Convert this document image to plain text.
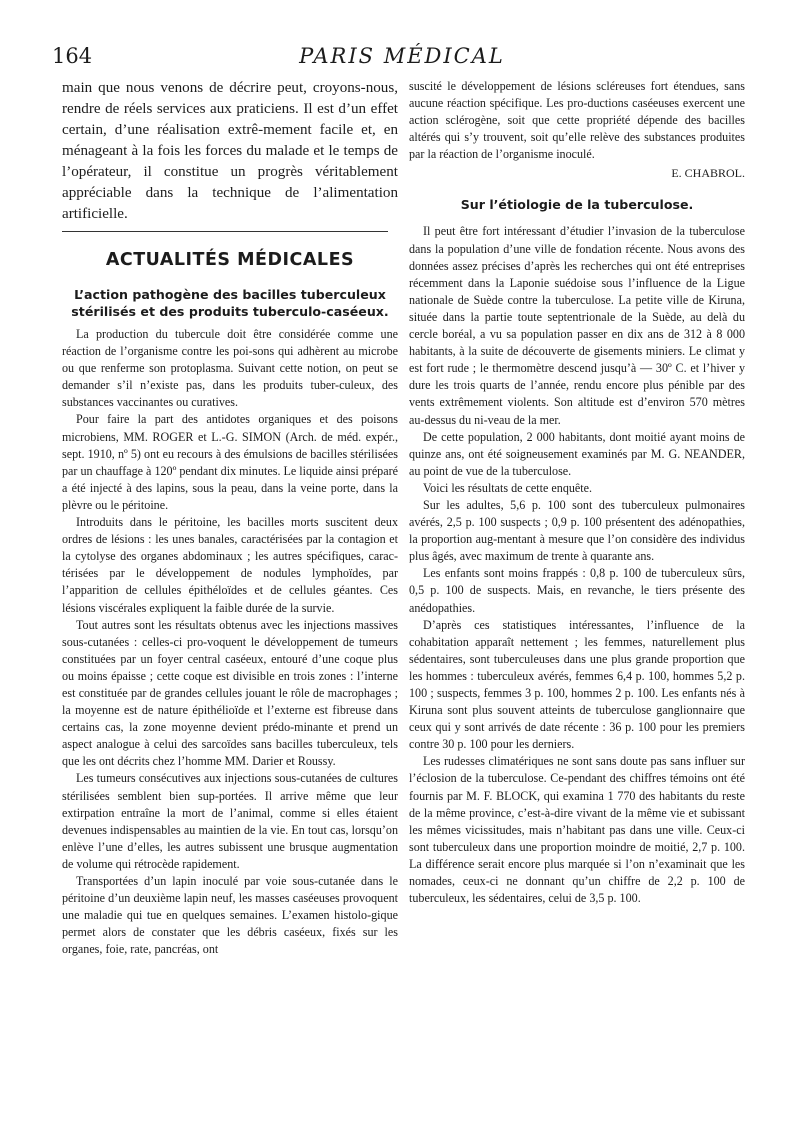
164	PARIS MÉDICAL

main que nous venons de décrire peut, croyons-nous, rendre de réels services aux praticiens. Il est d’un effet certain, d’une réalisation extrê-mement facile et, en ménageant à la fois les forces du malade et le temps de l’opérateur, il constitue un progrès véritablement appréciable dans la technique de l’alimentation artificielle.

ACTUALITÉS MÉDICALES
L’action pathogène des bacilles tuberculeux stérilisés et des produits tuberculo-caséeux.

La production du tubercule doit être considérée comme une réaction de l’organisme contre les poi-sons qui adhèrent au microbe ou que renferme son protoplasma. Suivant cette notion, on peut se demander s’il n’existe pas, dans les produits tuber-culeux, des substances vaccinantes ou curatives.

Pour faire la part des antidotes organiques et des poisons microbiens, MM. ROGER et L.-G. SIMON (Arch. de méd. expér., sept. 1910, nº 5) ont eu recours à des émulsions de bacilles stérilisées par un chauffage à 120º pendant dix minutes. Le liquide ainsi préparé a été injecté à des lapins, sous la peau, dans la veine porte, dans la plèvre ou le péritoine.

Introduits dans le péritoine, les bacilles morts suscitent deux ordres de lésions : les unes banales, caractérisées par la contagion et la cytolyse des organes abdominaux ; les autres spécifiques, carac-térisées par le développement de nodules lymphoïdes, par l’apparition de cellules épithéloïdes et de cellules géantes. Ces lésions viscérales expliquent la faible durée de la survie.

Tout autres sont les résultats obtenus avec les injections massives sous-cutanées : celles-ci pro-voquent le développement de tumeurs constituées par un foyer central caséeux, entouré d’une coque plus ou moins épaisse ; cette coque est divisible en trois zones : l’interne est constituée par de grandes cellules jouant le rôle de macrophages ; la moyenne est de nature épithélioïde et l’externe est fibreuse dans certains cas, la zone moyenne devient prédo-minante et prend un aspect analogue à celui des sarcoïdes sans bacilles tuberculeux, tels que les ont décrits chez l’homme MM. Darier et Roussy.

Les tumeurs consécutives aux injections sous-cutanées de cultures stérilisées semblent bien sup-portées. Il arrive même que leur extirpation entraîne la mort de l’animal, comme si elles étaient devenues indispensables au maintien de la vie. En tout cas, lorsqu’on enlève l’une d’elles, les autres subissent une brusque augmentation de volume qui rétrocède rapidement.

Transportées d’un lapin inoculé par voie sous-cutanée dans le péritoine d’un deuxième lapin neuf, les masses caséeuses provoquent une maladie qui tue en quelques semaines. L’examen histolo-gique permet alors de constater que les débris caséeux, fixés sur les organes, foie, rate, pancréas, ont

suscité le développement de lésions scléreuses fort étendues, sans aucune réaction spécifique. Les pro-ductions caséeuses exercent une action sclérogène, soit que cette propriété dépende des bacilles altérés qui s’y trouvent, soit qu’elle relève des substances produites par la réaction de l’organisme inoculé.

E. CHABROL.
Sur l’étiologie de la tuberculose.

Il peut être fort intéressant d’étudier l’invasion de la tuberculose dans la population d’une ville de fondation récente. Nous avons des données assez précises d’après les recherches qui ont été entreprises récemment dans la Laponie suédoise sous l’influence de la Ligue nationale de Suède contre la tuberculose. La petite ville de Kiruna, située dans la partie toute septentrionale de la Suède, au delà du cercle boréal, a vu sa population passer en dix ans de 312 à 8 000 habitants, à la suite de découverte de gisements miniers. Le climat y est fort rude ; le thermomètre descend jusqu’à — 30º C. et l’hiver y dure les trois quarts de l’année, rendu encore plus pénible par des vents extrêmement violents. Son altitude est d’environ 570 mètres au-dessus du ni-veau de la mer.

De cette population, 2 000 habitants, dont moitié ayant moins de quinze ans, ont été soigneusement examinés par M. G. NEANDER, au point de vue de la tuberculose.

Voici les résultats de cette enquête.

Sur les adultes, 5,6 p. 100 sont des tuberculeux pulmonaires avérés, 2,5 p. 100 suspects ; 0,9 p. 100 présentent des adénopathies, la proportion aug-mentant à mesure que l’on considère des individus plus âgés, avec maximum de trente à quarante ans.

Les enfants sont moins frappés : 0,8 p. 100 de tuberculeux sûrs, 0,5 p. 100 de suspects. Mais, en revanche, le tiers présente des anédopathies.

D’après ces statistiques intéressantes, l’influence de la cohabitation apparaît nettement ; les femmes, naturellement plus sédentaires, sont tuberculeuses dans une plus grande proportion que les hommes : tuberculeux avérés, femmes 6,4 p. 100, hommes 5,2 p. 100 ; suspects, femmes 3 p. 100, hommes 2 p. 100. Les enfants nés à Kiruna sont plus souvent atteints de tuberculose ganglionnaire que ceux qui y sont arrivés de date récente : 36 p. 100 pour les premiers contre 30 p. 100 pour les derniers.

Les rudesses climatériques ne sont sans doute pas sans influer sur l’éclosion de la tuberculose. Ce-pendant des chiffres témoins ont été fournis par M. F. BLOCK, qui examina 1 770 des habitants du reste de la même province, c’est-à-dire vivant de la même vie et subissant les mêmes vicissitudes, mais n’habitant pas dans une ville. Ceux-ci sont tuberculeux dans une proportion moindre de moitié, 2,7 p. 100. La différence serait encore plus marquée si l’on n’examinait que les nomades, ceux-ci ne donnant qu’un chiffre de 2,2 p. 100 de tuberculeux, les sédentaires, celui de 3,5 p. 100.
